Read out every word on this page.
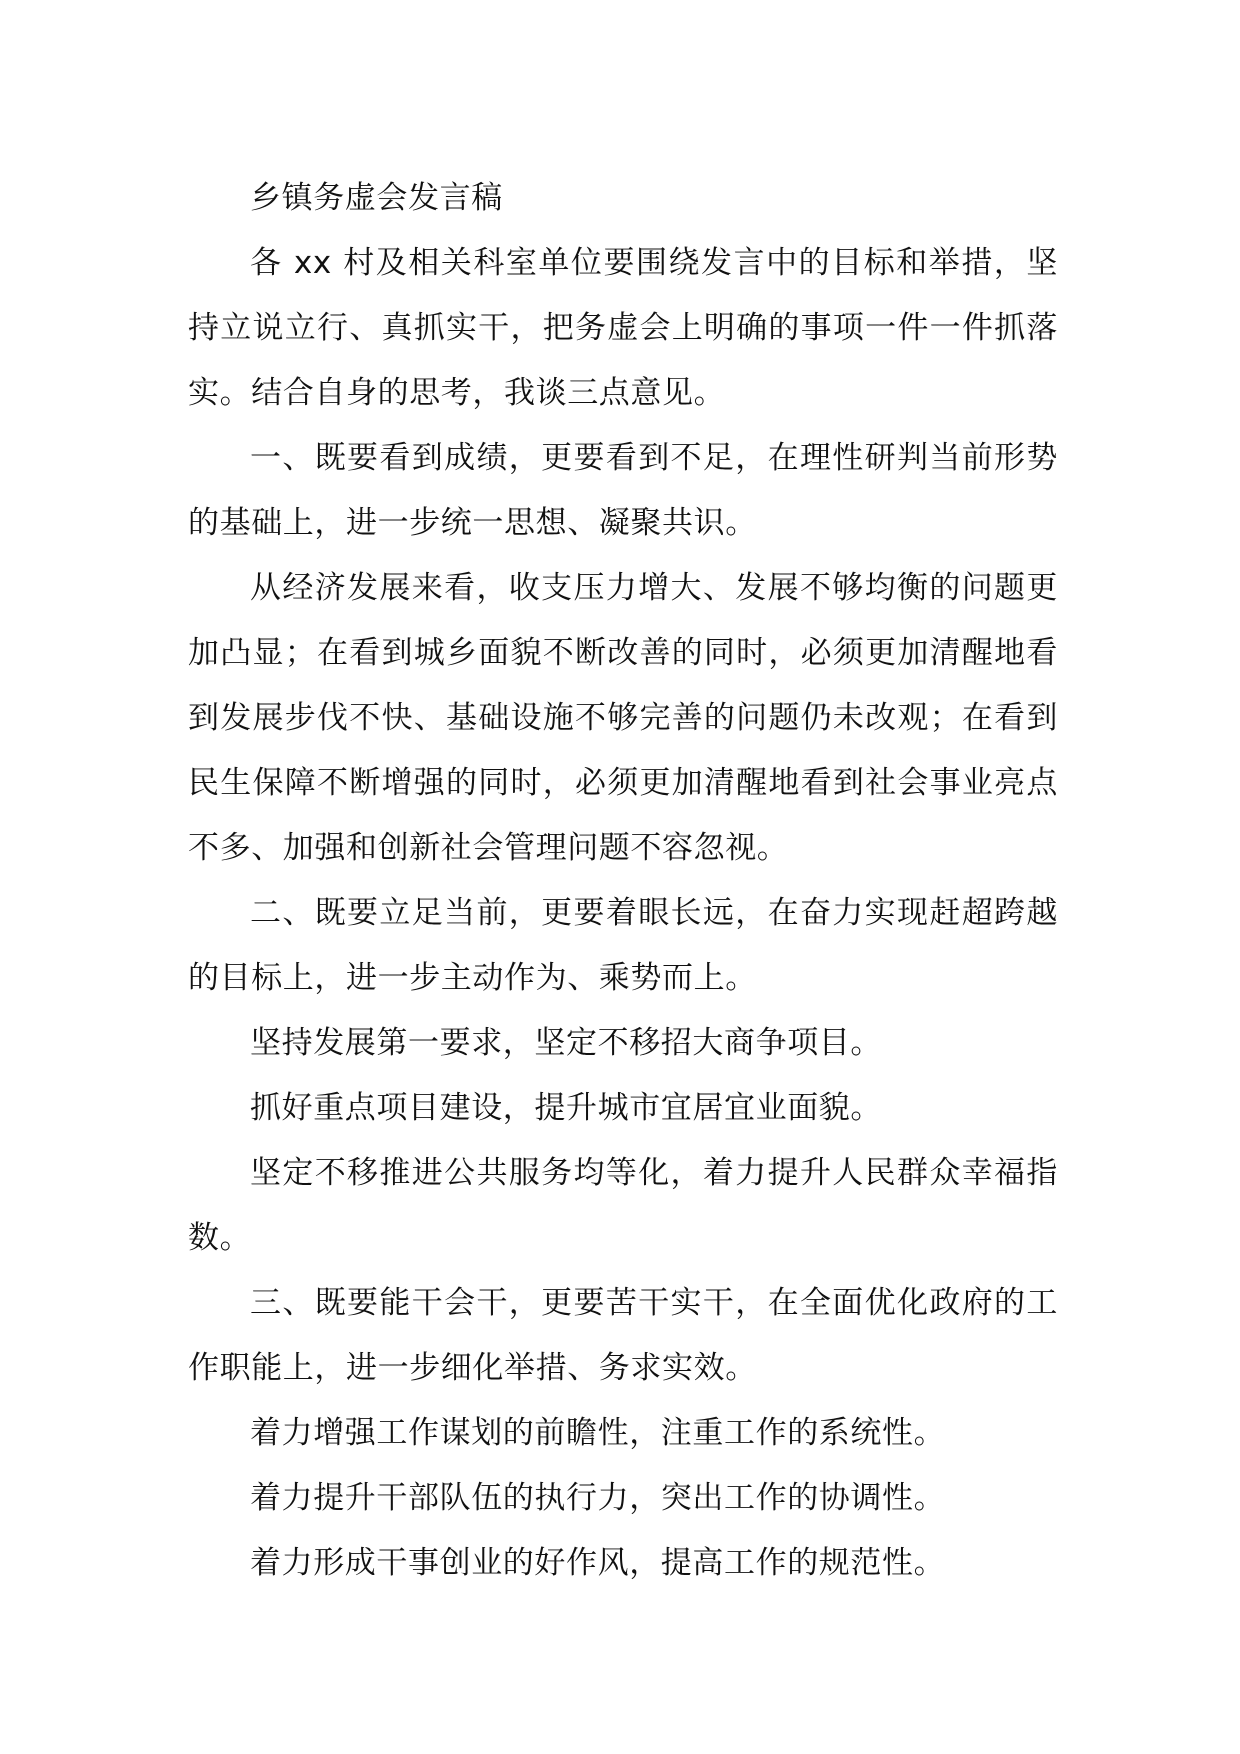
乡镇务虚会发言稿

各 xx 村及相关科室单位要围绕发言中的目标和举措，坚持立说立行、真抓实干，把务虚会上明确的事项一件一件抓落实。结合自身的思考，我谈三点意见。

一、既要看到成绩，更要看到不足，在理性研判当前形势的基础上，进一步统一思想、凝聚共识。

从经济发展来看，收支压力增大、发展不够均衡的问题更加凸显；在看到城乡面貌不断改善的同时，必须更加清醒地看到发展步伐不快、基础设施不够完善的问题仍未改观；在看到民生保障不断增强的同时，必须更加清醒地看到社会事业亮点不多、加强和创新社会管理问题不容忽视。

二、既要立足当前，更要着眼长远，在奋力实现赶超跨越的目标上，进一步主动作为、乘势而上。

坚持发展第一要求，坚定不移招大商争项目。

抓好重点项目建设，提升城市宜居宜业面貌。

坚定不移推进公共服务均等化，着力提升人民群众幸福指数。

三、既要能干会干，更要苦干实干，在全面优化政府的工作职能上，进一步细化举措、务求实效。

着力增强工作谋划的前瞻性，注重工作的系统性。

着力提升干部队伍的执行力，突出工作的协调性。

着力形成干事创业的好作风，提高工作的规范性。
